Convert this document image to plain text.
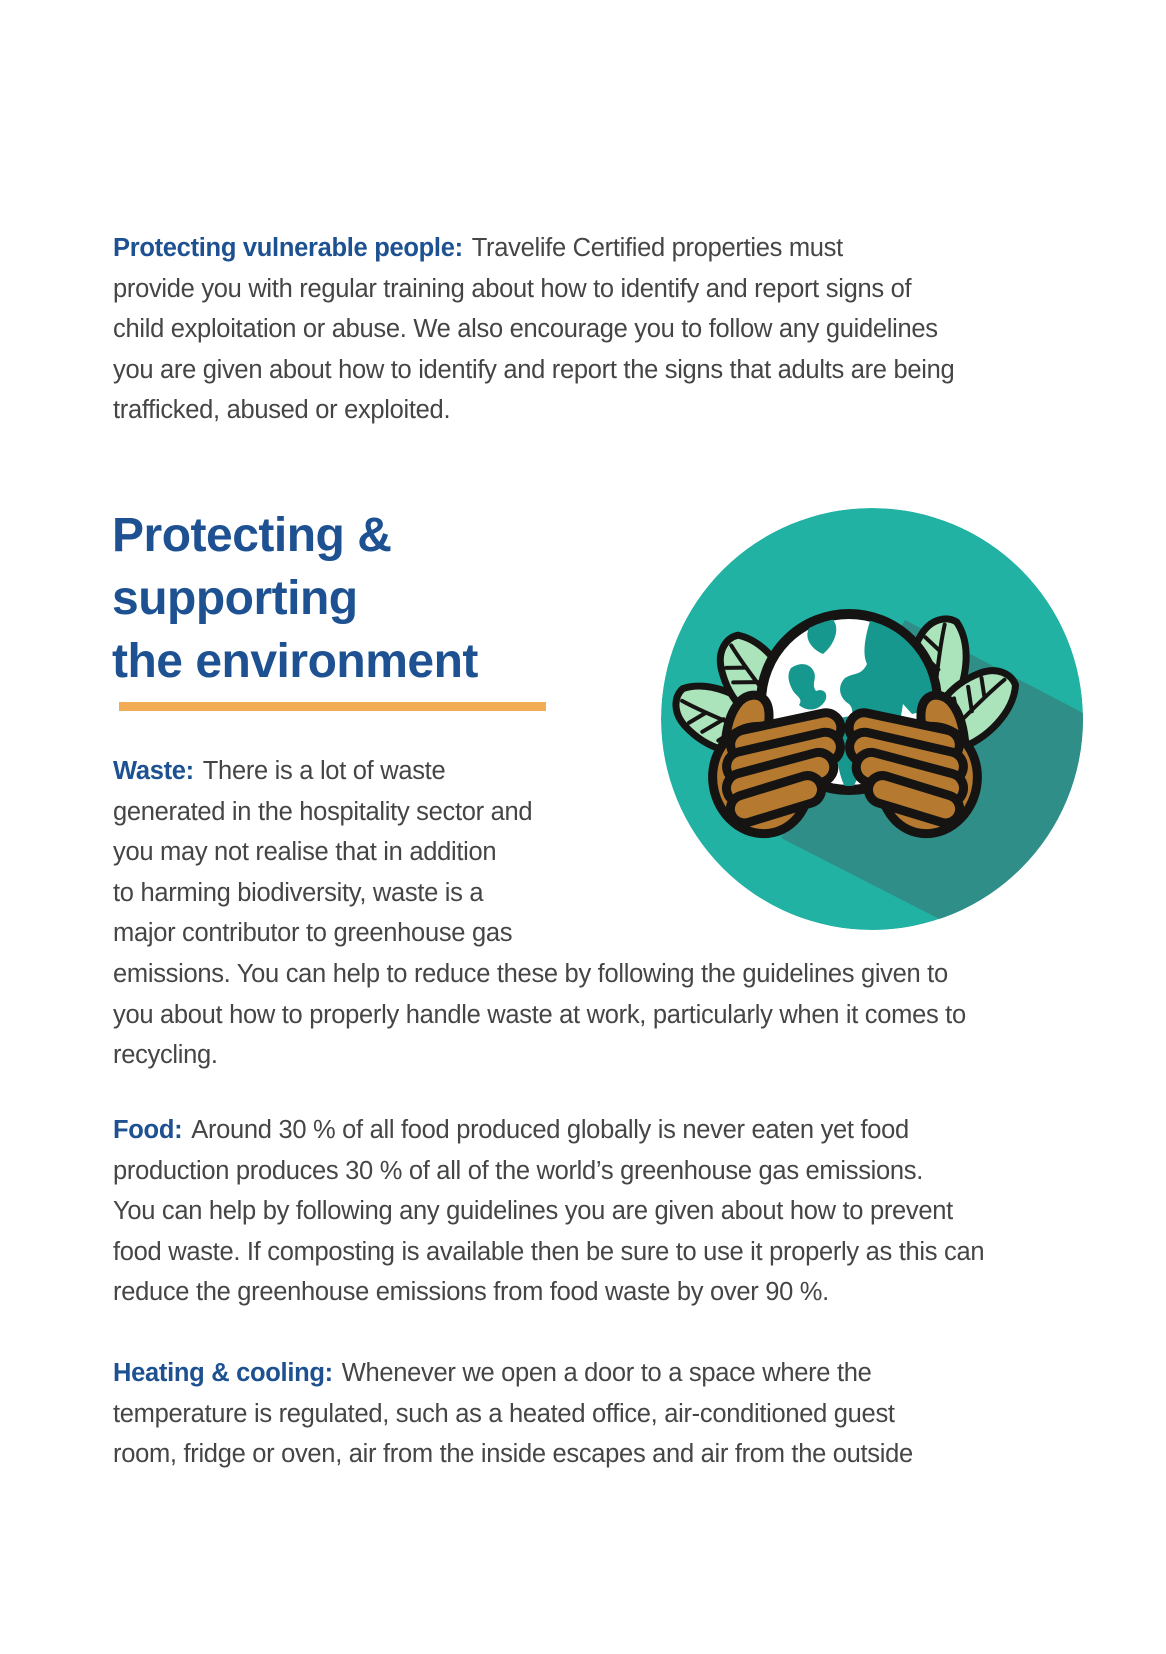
Protecting vulnerable people: Travelife Certified properties must
provide you with regular training about how to identify and report signs of
child exploitation or abuse. We also encourage you to follow any guidelines
you are given about how to identify and report the signs that adults are being
trafficked, abused or exploited.

Protecting &
supporting
the environment

Waste: There is a lot of waste
generated in the hospitality sector and
you may not realise that in addition
to harming biodiversity, waste is a
major contributor to greenhouse gas
emissions. You can help to reduce these by following the guidelines given to
you about how to properly handle waste at work, particularly when it comes to
recycling.

Food: Around 30 % of all food produced globally is never eaten yet food
production produces 30 % of all of the world’s greenhouse gas emissions.
You can help by following any guidelines you are given about how to prevent
food waste. If composting is available then be sure to use it properly as this can
reduce the greenhouse emissions from food waste by over 90 %.

Heating & cooling: Whenever we open a door to a space where the
temperature is regulated, such as a heated office, air-conditioned guest
room, fridge or oven, air from the inside escapes and air from the outside
